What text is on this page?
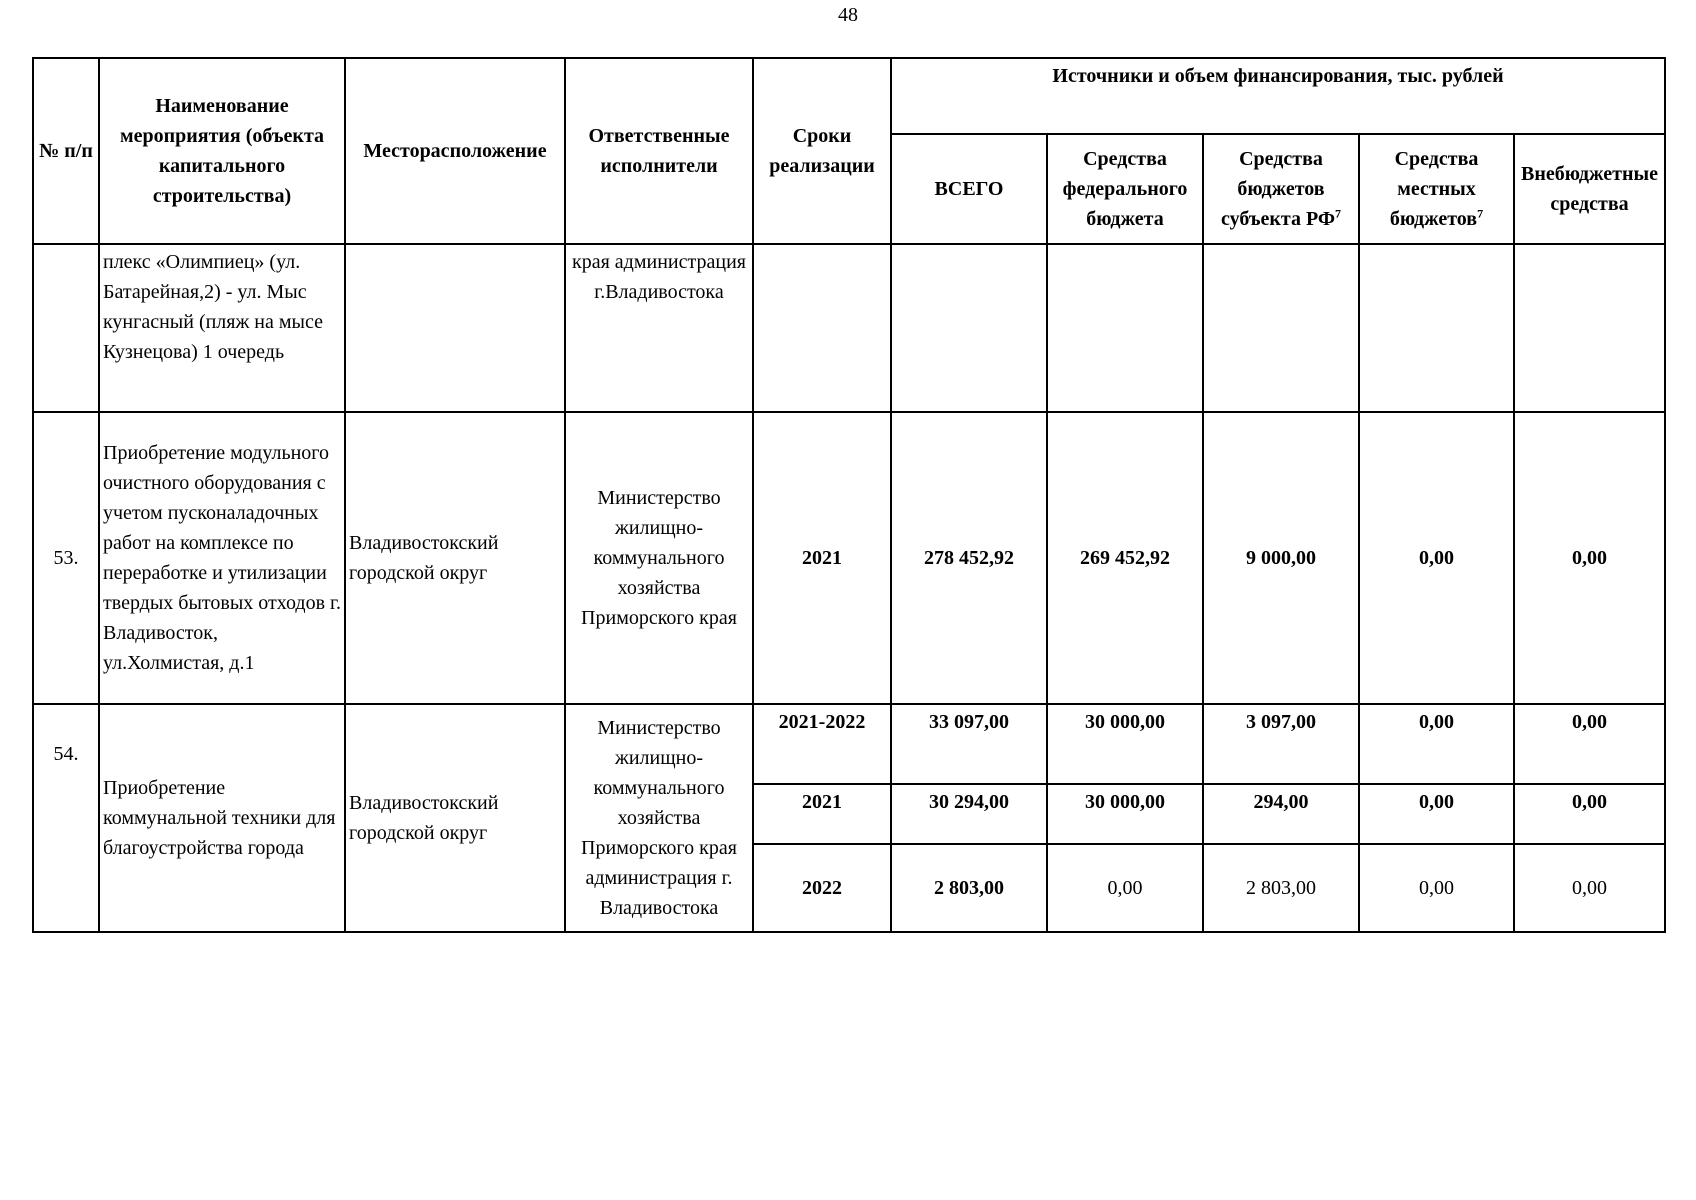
48
№ п/п	Наименование мероприятия (объекта капитального строительства)	Месторасположение	Ответственные исполнители	Сроки реализации	Источники и объем финансирования, тыс. рублей				
					ВСЕГО	Средства федерального бюджета	Средства бюджетов субъекта $РФ^7$	Средства местных бюджетов$^7$	Внебюджетные средства
	плекс «Олимпиец» (ул. Батарейная,2) - ул. Мыс кунгасный (пляж на мысе Кузнецова) 1 очередь		края администрация г.Владивостока						
53.	Приобретение модульного очистного оборудования с учетом пусконаладочных работ на комплексе по переработке и утилизации твердых бытовых отходов г. Владивосток, ул.Холмистая, д.1	Владивостокский городской округ	Министерство жилищно-коммунального хозяйства Приморского края	2021	278 452,92	269 452,92	9 000,00	0,00	0,00
54.	Приобретение коммунальной техники для благоустройства города	Владивостокский городской округ	Министерство жилищно-коммунального хозяйства Приморского края администрация г. Владивостока	2021-2022	33 097,00	30 000,00	3 097,00	0,00	0,00
				2021	30 294,00	30 000,00	294,00	0,00	0,00
				2022	2 803,00	0,00	2 803,00	0,00	0,00
